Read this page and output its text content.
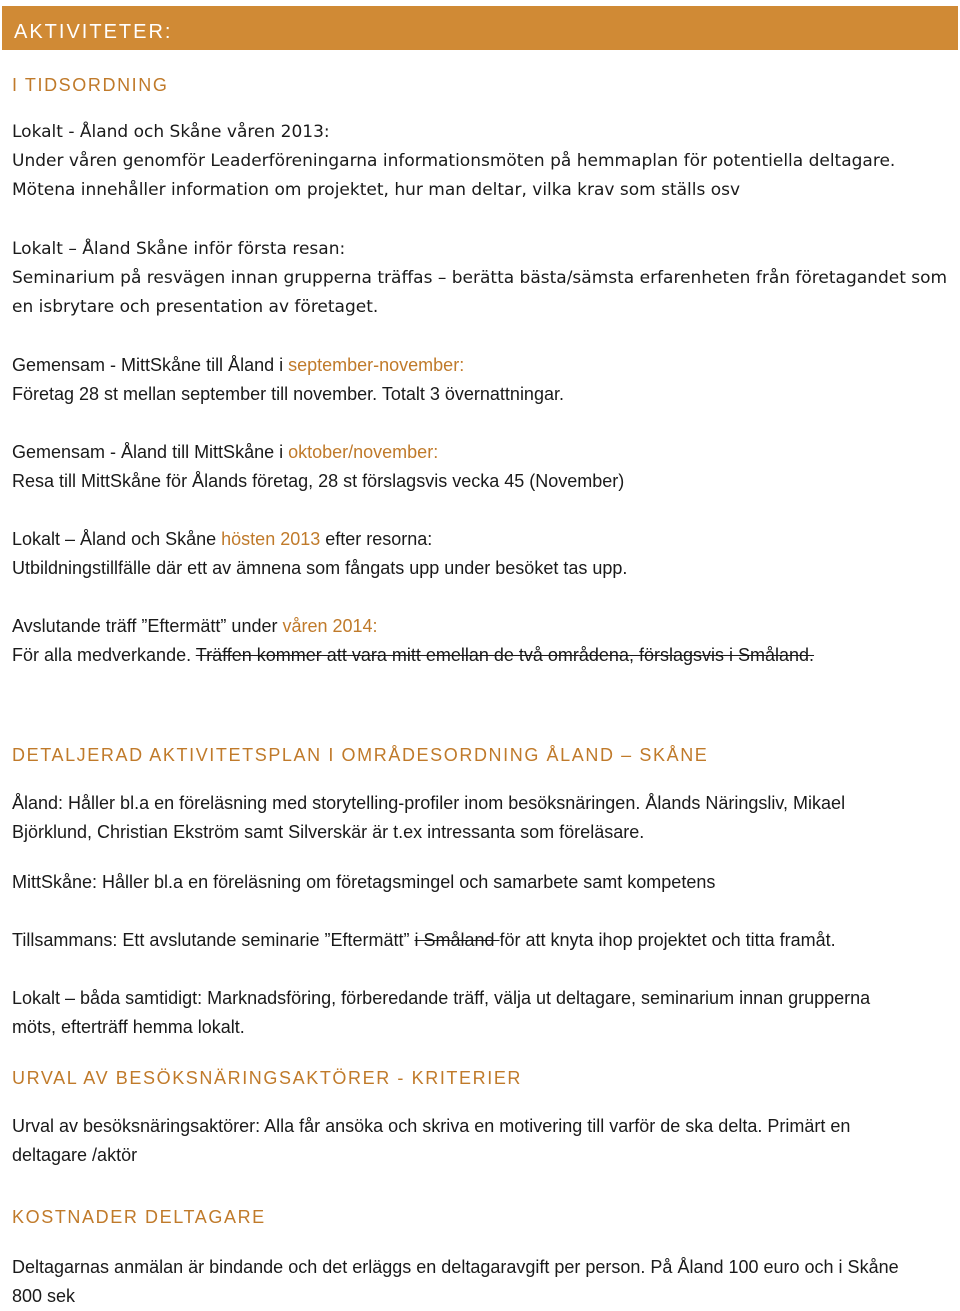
AKTIVITETER:
I TIDSORDNING
Lokalt - Åland och Skåne våren 2013:
Under våren genomför Leaderföreningarna informationsmöten på hemmaplan för potentiella deltagare.
Mötena innehåller information om projektet, hur man deltar, vilka krav som ställs osv
Lokalt – Åland Skåne inför första resan:
Seminarium på resvägen innan grupperna träffas – berätta bästa/sämsta erfarenheten från företagandet som
en isbrytare och presentation av företaget.
Gemensam - MittSkåne till Åland i september-november:
Företag 28 st mellan september till november. Totalt 3 övernattningar.
Gemensam - Åland till MittSkåne i oktober/november:
Resa till MittSkåne för Ålands företag, 28 st förslagsvis vecka 45 (November)
Lokalt – Åland och Skåne hösten 2013 efter resorna:
Utbildningstillfälle där ett av ämnena som fångats upp under besöket tas upp.
Avslutande träff ”Eftermätt” under våren 2014:
För alla medverkande. Träffen kommer att vara mitt emellan de två områdena, förslagsvis i Småland.
DETALJERAD AKTIVITETSPLAN I OMRÅDESORDNING ÅLAND – SKÅNE
Åland: Håller bl.a en föreläsning med storytelling-profiler inom besöksnäringen. Ålands Näringsliv, Mikael
Björklund, Christian Ekström samt Silverskär är t.ex intressanta som föreläsare.
MittSkåne: Håller bl.a en föreläsning om företagsmingel och samarbete samt kompetens
Tillsammans: Ett avslutande seminarie ”Eftermätt” i Småland för att knyta ihop projektet och titta framåt.
Lokalt – båda samtidigt: Marknadsföring, förberedande träff, välja ut deltagare, seminarium innan grupperna
möts, efterträff hemma lokalt.
URVAL AV BESÖKSNÄRINGSAKTÖRER - KRITERIER
Urval av besöksnäringsaktörer: Alla får ansöka och skriva en motivering till varför de ska delta. Primärt en
deltagare /aktör
KOSTNADER DELTAGARE
Deltagarnas anmälan är bindande och det erläggs en deltagaravgift per person. På Åland 100 euro och i Skåne
800 sek
